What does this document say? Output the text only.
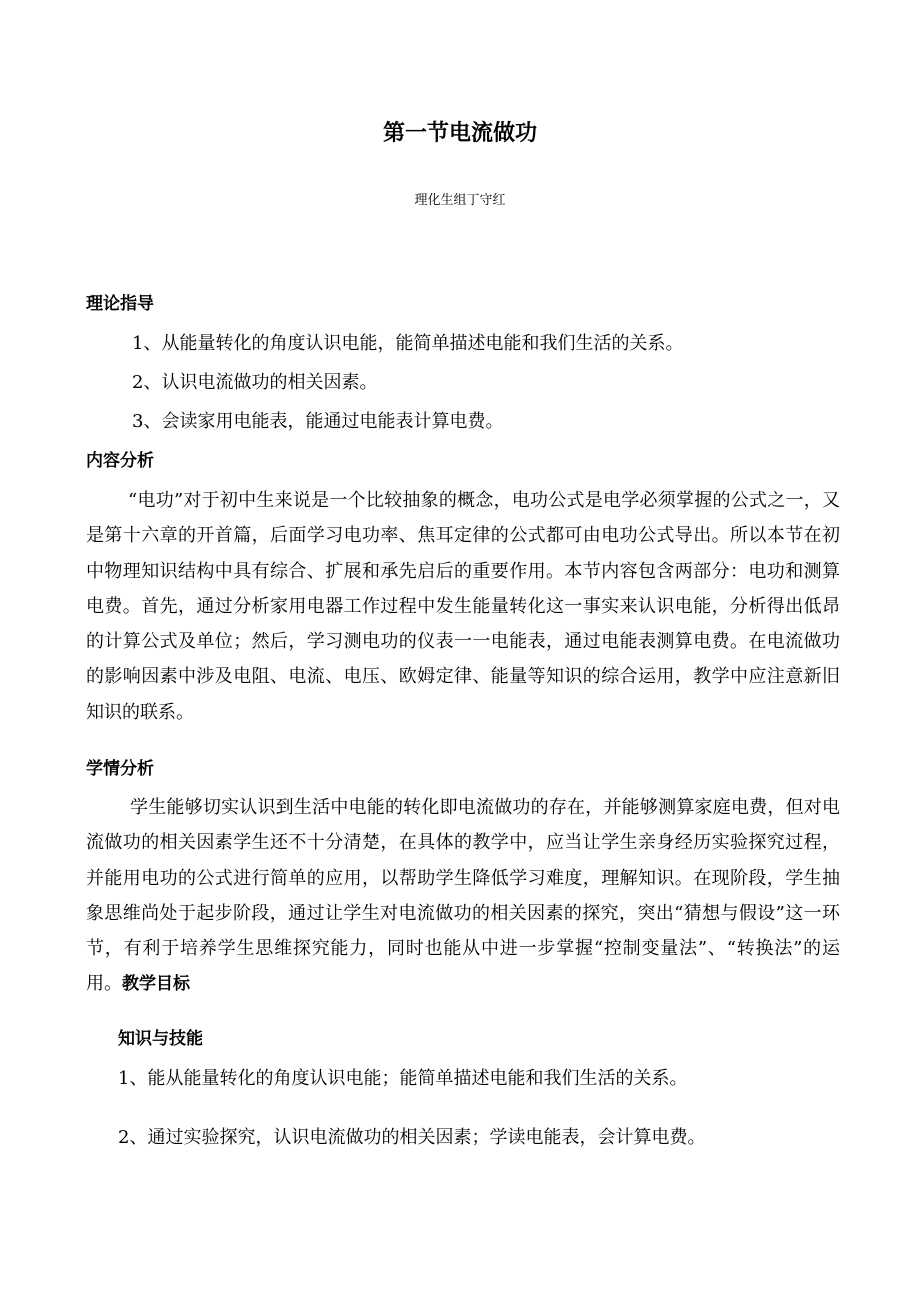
第一节电流做功
理化生组丁守红
理论指导
1、从能量转化的角度认识电能，能简单描述电能和我们生活的关系。
2、认识电流做功的相关因素。
3、会读家用电能表，能通过电能表计算电费。
内容分析

“电功”对于初中生来说是一个比较抽象的概念，电功公式是电学必须掌握的公式之一，又是第十六章的开首篇，后面学习电功率、焦耳定律的公式都可由电功公式导出。所以本节在初中物理知识结构中具有综合、扩展和承先启后的重要作用。本节内容包含两部分：电功和测算电费。首先，通过分析家用电器工作过程中发生能量转化这一事实来认识电能，分析得出低昂的计算公式及单位；然后，学习测电功的仪表一一电能表，通过电能表测算电费。在电流做功的影响因素中涉及电阻、电流、电压、欧姆定律、能量等知识的综合运用，教学中应注意新旧知识的联系。

学情分析

学生能够切实认识到生活中电能的转化即电流做功的存在，并能够测算家庭电费，但对电流做功的相关因素学生还不十分清楚，在具体的教学中，应当让学生亲身经历实验探究过程，并能用电功的公式进行简单的应用，以帮助学生降低学习难度，理解知识。在现阶段，学生抽象思维尚处于起步阶段，通过让学生对电流做功的相关因素的探究，突出“猜想与假设”这一环节，有利于培养学生思维探究能力，同时也能从中进一步掌握“控制变量法”、“转换法”的运用。教学目标

知识与技能
1、能从能量转化的角度认识电能；能简单描述电能和我们生活的关系。
2、通过实验探究，认识电流做功的相关因素；学读电能表，会计算电费。
